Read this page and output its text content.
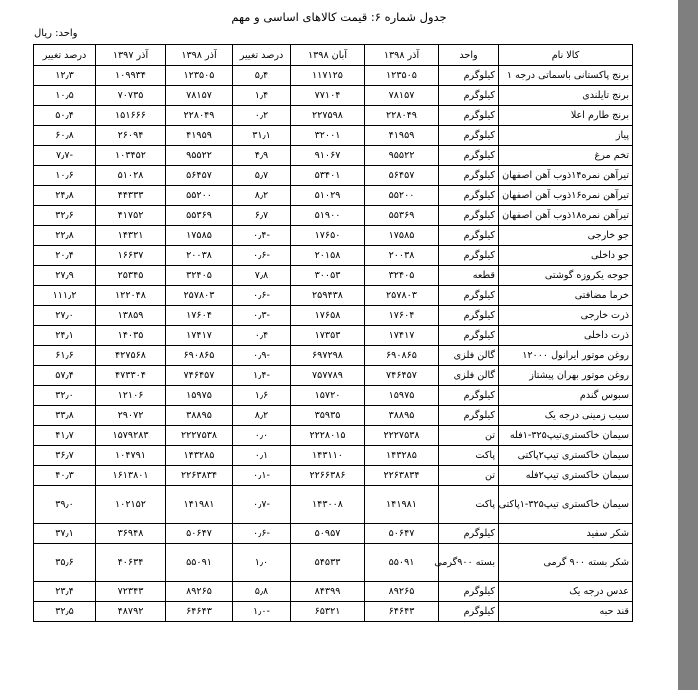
جدول شماره ۶: قیمت کالاهای اساسی و مهم
واحد: ریال
کالا نام	واحد	آذر ۱۳۹۸	آبان ۱۳۹۸	درصد تغییر	آذر ۱۳۹۸	آذر ۱۳۹۷	درصد تغییر
برنج پاکستانی باسماتی درجه ۱	کیلوگرم	۱۲۳۵۰۵	۱۱۷۱۲۵	۵٫۴	۱۲۳۵۰۵	۱۰۹۹۳۴	۱۲٫۳
برنج تایلندی	کیلوگرم	۷۸۱۵۷	۷۷۱۰۴	۱٫۴	۷۸۱۵۷	۷۰۷۳۵	۱۰٫۵
برنج طارم اعلا	کیلوگرم	۲۲۸۰۴۹	۲۲۷۵۹۸	۰٫۲	۲۲۸۰۴۹	۱۵۱۶۶۶	۵۰٫۴
پیاز	کیلوگرم	۴۱۹۵۹	۳۲۰۰۱	۳۱٫۱	۴۱۹۵۹	۲۶۰۹۴	۶۰٫۸
تخم مرغ	کیلوگرم	۹۵۵۲۲	۹۱۰۶۷	۴٫۹	۹۵۵۲۲	۱۰۳۴۵۲	-۷٫۷
تیرآهن نمره۱۴ذوب آهن اصفهان	کیلوگرم	۵۶۴۵۷	۵۳۴۰۱	۵٫۷	۵۶۴۵۷	۵۱۰۲۸	۱۰٫۶
تیرآهن نمره۱۶ذوب آهن اصفهان	کیلوگرم	۵۵۲۰۰	۵۱۰۲۹	۸٫۲	۵۵۲۰۰	۴۴۳۳۳	۲۴٫۸
تیرآهن نمره۱۸ذوب آهن اصفهان	کیلوگرم	۵۵۳۶۹	۵۱۹۰۰	۶٫۷	۵۵۳۶۹	۴۱۷۵۲	۳۲٫۶
جو خارجی	کیلوگرم	۱۷۵۸۵	۱۷۶۵۰	-۰٫۴	۱۷۵۸۵	۱۴۳۲۱	۲۲٫۸
جو داخلی	کیلوگرم	۲۰۰۳۸	۲۰۱۵۸	-۰٫۶	۲۰۰۳۸	۱۶۶۳۷	۲۰٫۴
جوجه یکروزه گوشتی	قطعه	۳۲۴۰۵	۳۰۰۵۳	۷٫۸	۳۲۴۰۵	۲۵۳۴۵	۲۷٫۹
خرما مضافتی	کیلوگرم	۲۵۷۸۰۳	۲۵۹۴۳۸	-۰٫۶	۲۵۷۸۰۳	۱۲۲۰۴۸	۱۱۱٫۲
ذرت خارجی	کیلوگرم	۱۷۶۰۴	۱۷۶۵۸	-۰٫۳	۱۷۶۰۴	۱۳۸۵۹	۲۷٫۰
ذرت داخلی	کیلوگرم	۱۷۴۱۷	۱۷۳۵۳	۰٫۴	۱۷۴۱۷	۱۴۰۳۵	۲۴٫۱
روغن موتور ایرانول ۱۲۰۰۰	گالن فلزی	۶۹۰۸۶۵	۶۹۷۲۹۸	-۰٫۹	۶۹۰۸۶۵	۴۲۷۵۶۸	۶۱٫۶
روغن موتور بهران پیشتاز	گالن فلزی	۷۴۶۴۵۷	۷۵۷۷۸۹	-۱٫۴	۷۴۶۴۵۷	۴۷۳۳۰۴	۵۷٫۴
سبوس گندم	کیلوگرم	۱۵۹۷۵	۱۵۷۲۰	۱٫۶	۱۵۹۷۵	۱۲۱۰۶	۳۲٫۰
سیب زمینی درجه یک	کیلوگرم	۳۸۸۹۵	۳۵۹۳۵	۸٫۲	۳۸۸۹۵	۲۹۰۷۲	۳۳٫۸
سیمان خاکستری‌تیپ۳۲۵-۱فله	تن	۲۲۲۷۵۳۸	۲۲۲۸۰۱۵	۰٫۰	۲۲۲۷۵۳۸	۱۵۷۹۲۸۳	۴۱٫۷
سیمان خاکستری تیپ۲پاکتی	پاکت	۱۴۳۲۸۵	۱۴۳۱۱۰	۰٫۱	۱۴۳۲۸۵	۱۰۴۷۹۱	۳۶٫۷
سیمان خاکستری تیپ۲فله	تن	۲۲۶۳۸۳۴	۲۲۶۶۳۸۶	-۰٫۱	۲۲۶۳۸۳۴	۱۶۱۳۸۰۱	۴۰٫۳
سیمان خاکستری تیپ۳۲۵-۱پاکتی	پاکت	۱۴۱۹۸۱	۱۴۳۰۰۸	-۰٫۷	۱۴۱۹۸۱	۱۰۲۱۵۲	۳۹٫۰
شکر سفید	کیلوگرم	۵۰۶۴۷	۵۰۹۵۷	-۰٫۶	۵۰۶۴۷	۳۶۹۴۸	۳۷٫۱
شکر بسته ۹۰۰ گرمی	بسته ۹۰۰گرمی	۵۵۰۹۱	۵۴۵۳۳	۱٫۰	۵۵۰۹۱	۴۰۶۳۴	۳۵٫۶
عدس درجه یک	کیلوگرم	۸۹۲۶۵	۸۴۳۹۹	۵٫۸	۸۹۲۶۵	۷۲۳۴۳	۲۳٫۴
قند حبه	کیلوگرم	۶۴۶۴۳	۶۵۳۲۱	-۱٫۰	۶۴۶۴۳	۴۸۷۹۲	۳۲٫۵
